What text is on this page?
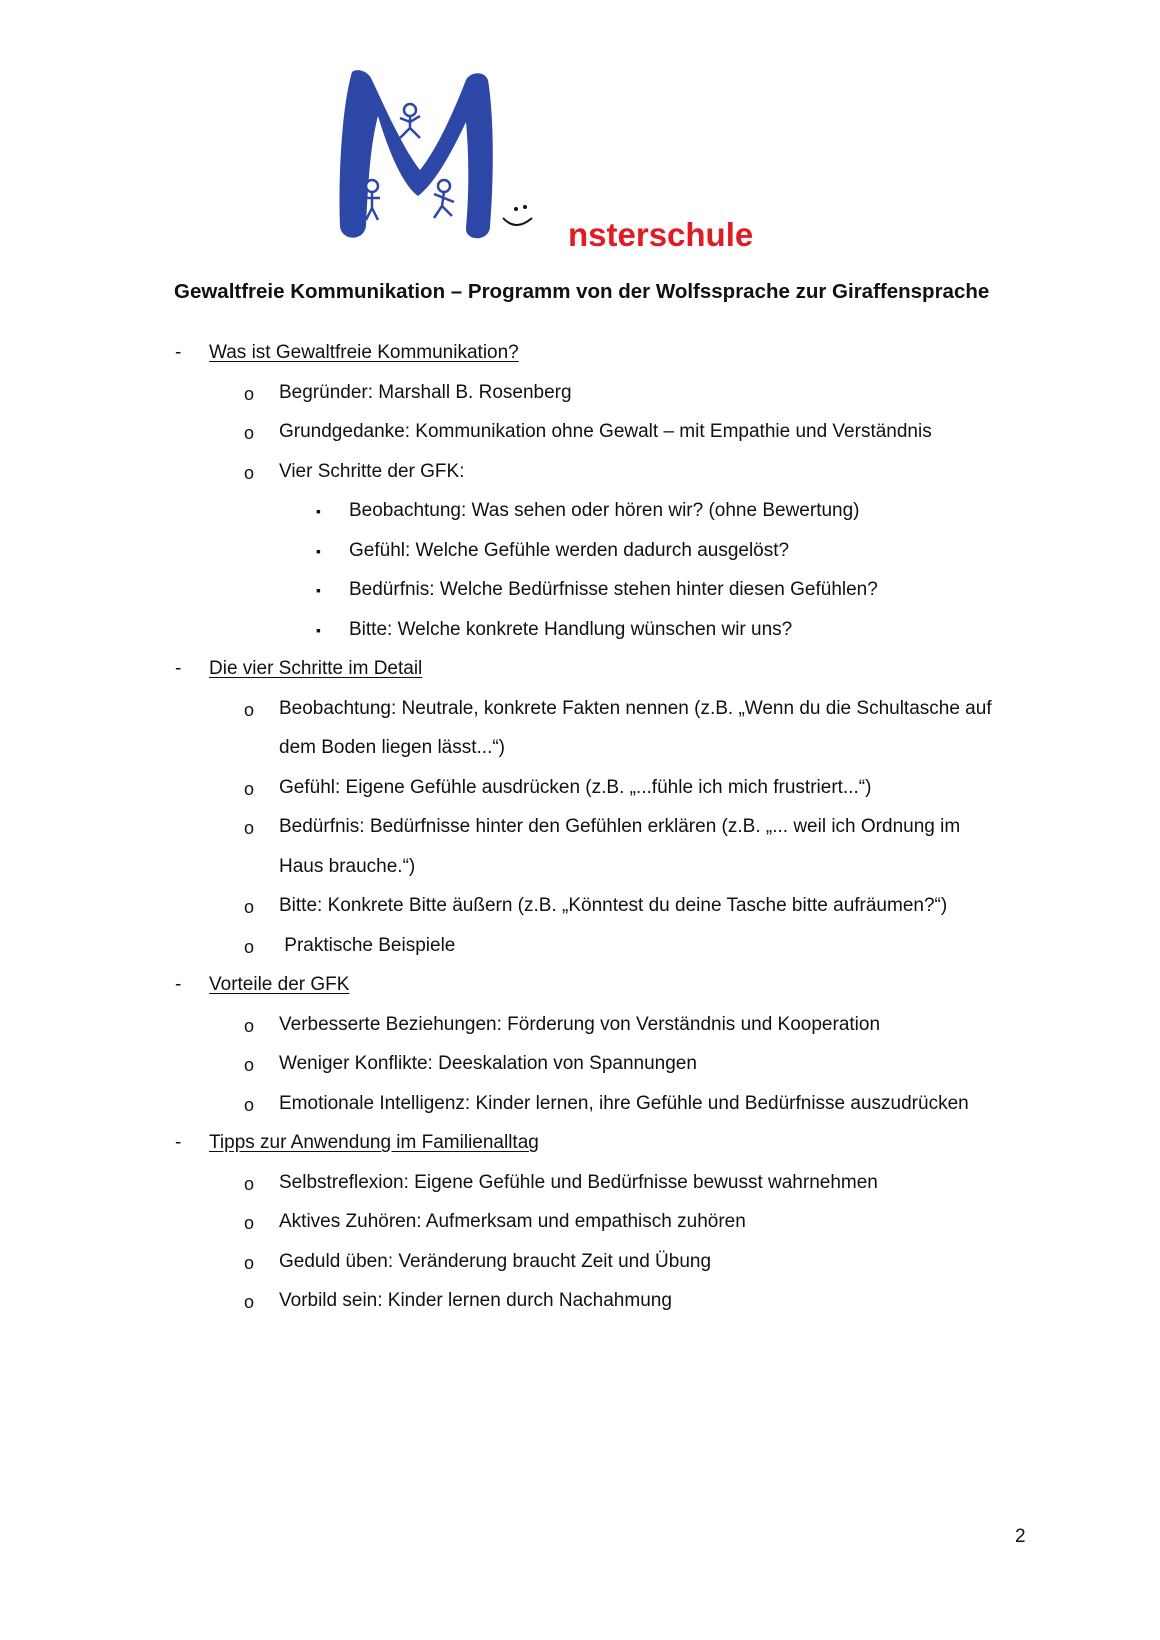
nsterschule
Gewaltfreie Kommunikation – Programm von der Wolfssprache zur Giraffensprache
- Was ist Gewaltfreie Kommunikation?
o Begründer: Marshall B. Rosenberg
o Grundgedanke: Kommunikation ohne Gewalt – mit Empathie und Verständnis
o Vier Schritte der GFK:
▪ Beobachtung: Was sehen oder hören wir? (ohne Bewertung)
▪ Gefühl: Welche Gefühle werden dadurch ausgelöst?
▪ Bedürfnis: Welche Bedürfnisse stehen hinter diesen Gefühlen?
▪ Bitte: Welche konkrete Handlung wünschen wir uns?
- Die vier Schritte im Detail
o Beobachtung: Neutrale, konkrete Fakten nennen (z.B. „Wenn du die Schultasche auf
dem Boden liegen lässt...“)
o Gefühl: Eigene Gefühle ausdrücken (z.B. „...fühle ich mich frustriert...“)
o Bedürfnis: Bedürfnisse hinter den Gefühlen erklären (z.B. „... weil ich Ordnung im
Haus brauche.“)
o Bitte: Konkrete Bitte äußern (z.B. „Könntest du deine Tasche bitte aufräumen?“)
o Praktische Beispiele
- Vorteile der GFK
o Verbesserte Beziehungen: Förderung von Verständnis und Kooperation
o Weniger Konflikte: Deeskalation von Spannungen
o Emotionale Intelligenz: Kinder lernen, ihre Gefühle und Bedürfnisse auszudrücken
- Tipps zur Anwendung im Familienalltag
o Selbstreflexion: Eigene Gefühle und Bedürfnisse bewusst wahrnehmen
o Aktives Zuhören: Aufmerksam und empathisch zuhören
o Geduld üben: Veränderung braucht Zeit und Übung
o Vorbild sein: Kinder lernen durch Nachahmung
2
